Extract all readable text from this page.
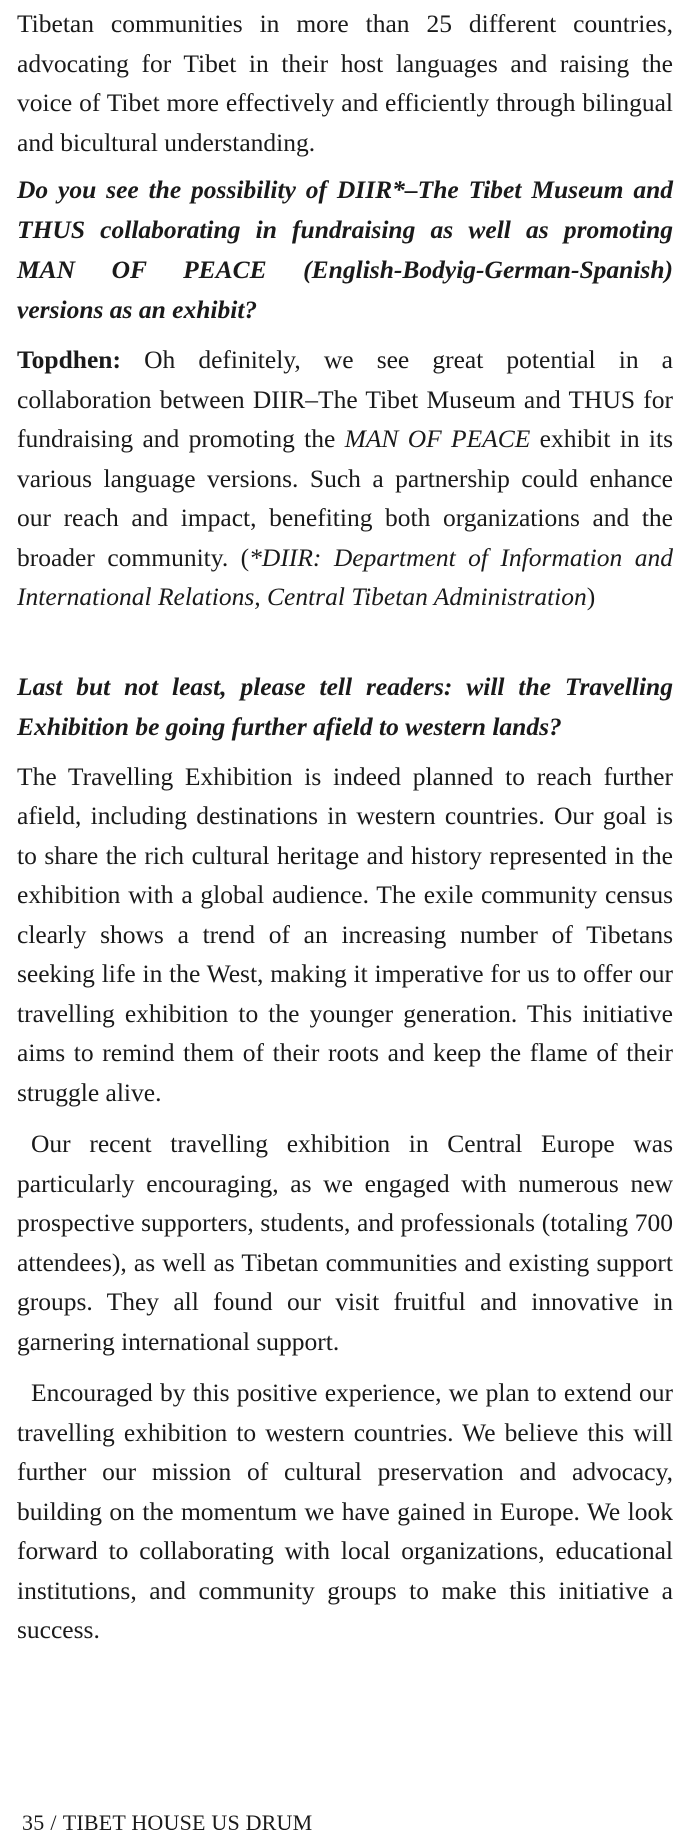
Tibetan communities in more than 25 different countries, advocating for Tibet in their host languages and raising the voice of Tibet more effectively and efficiently through bilingual and bicultural understanding.

Do you see the possibility of DIIR*–The Tibet Museum and THUS collaborating in fundraising as well as promoting MAN OF PEACE (English-Bodyig-German-Spanish) versions as an exhibit?

Topdhen: Oh definitely, we see great potential in a collaboration between DIIR–The Tibet Museum and THUS for fundraising and promoting the MAN OF PEACE exhibit in its various language versions. Such a partnership could enhance our reach and impact, benefiting both organizations and the broader community. (*DIIR: Department of Information and International Relations, Central Tibetan Administration)

Last but not least, please tell readers: will the Travelling Exhibition be going further afield to western lands?

The Travelling Exhibition is indeed planned to reach further afield, including destinations in western countries. Our goal is to share the rich cultural heritage and history represented in the exhibition with a global audience. The exile community census clearly shows a trend of an increasing number of Tibetans seeking life in the West, making it imperative for us to offer our travelling exhibition to the younger generation. This initiative aims to remind them of their roots and keep the flame of their struggle alive.

Our recent travelling exhibition in Central Europe was particularly encouraging, as we engaged with numerous new prospective supporters, students, and professionals (totaling 700 attendees), as well as Tibetan communities and existing support groups. They all found our visit fruitful and innovative in garnering international support.

Encouraged by this positive experience, we plan to extend our travelling exhibition to western countries. We believe this will further our mission of cultural preservation and advocacy, building on the momentum we have gained in Europe. We look forward to collaborating with local organizations, educational institutions, and community groups to make this initiative a success.

35 / TIBET HOUSE US DRUM
